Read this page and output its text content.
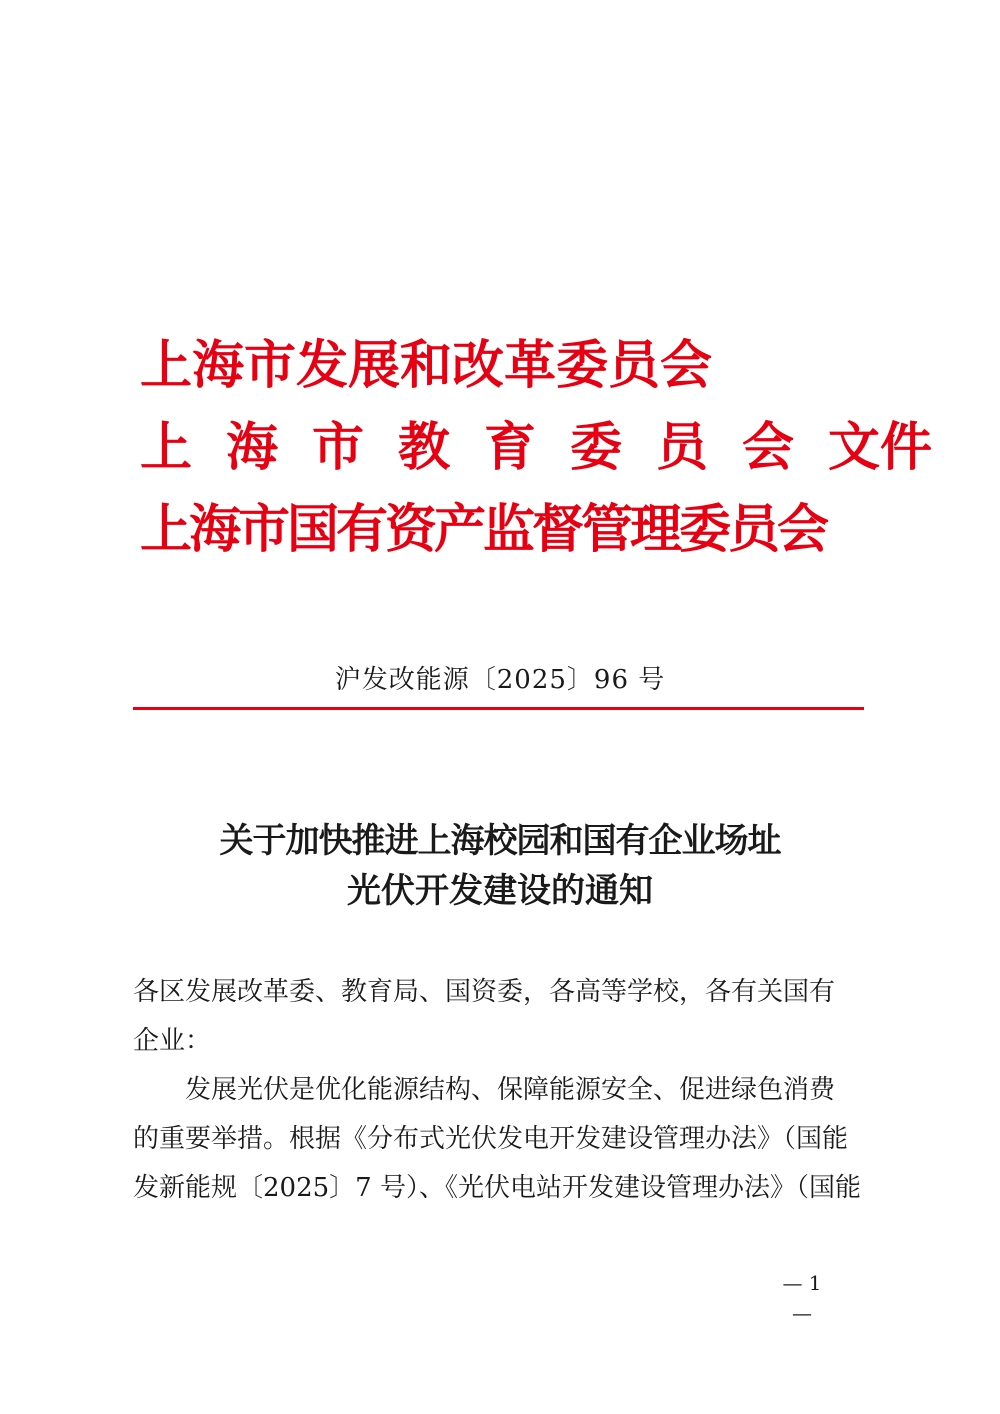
上海市发展和改革委员会
上海市教育委员会文件
上海市国有资产监督管理委员会
沪发改能源〔2025〕96 号
关于加快推进上海校园和国有企业场址
光伏开发建设的通知
各区发展改革委、教育局、国资委，各高等学校，各有关国有
企业：
　　发展光伏是优化能源结构、保障能源安全、促进绿色消费
的重要举措。根据《分布式光伏发电开发建设管理办法》（国能
发新能规〔2025〕7 号）、《光伏电站开发建设管理办法》（国能
— 1 —
